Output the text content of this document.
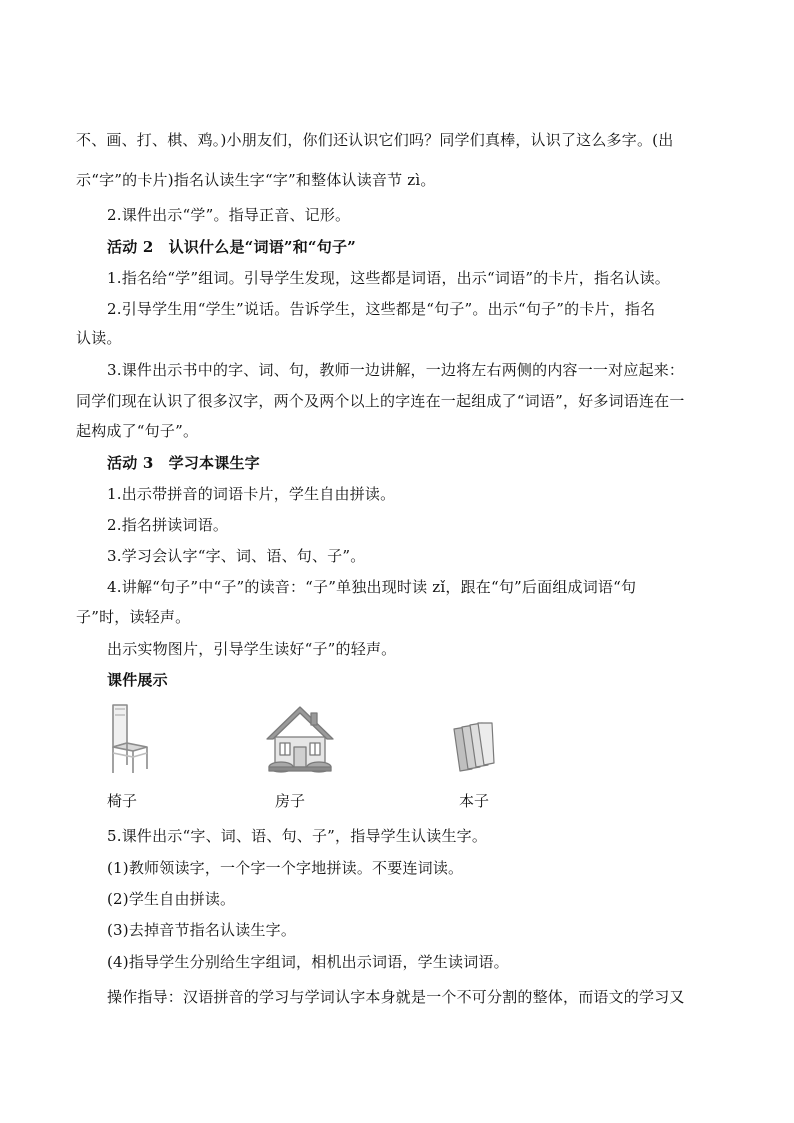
不、画、打、棋、鸡。)小朋友们，你们还认识它们吗？同学们真棒，认识了这么多字。(出
示“字”的卡片)指名认读生字“字”和整体认读音节 zì。
2.课件出示“学”。指导正音、记形。
活动 2　认识什么是“词语”和“句子”
1.指名给“学”组词。引导学生发现，这些都是词语，出示“词语”的卡片，指名认读。
2.引导学生用“学生”说话。告诉学生，这些都是“句子”。出示“句子”的卡片，指名
认读。
3.课件出示书中的字、词、句，教师一边讲解，一边将左右两侧的内容一一对应起来：
同学们现在认识了很多汉字，两个及两个以上的字连在一起组成了“词语”，好多词语连在一
起构成了“句子”。
活动 3　学习本课生字
1.出示带拼音的词语卡片，学生自由拼读。
2.指名拼读词语。
3.学习会认字“字、词、语、句、子”。
4.讲解“句子”中“子”的读音：“子”单独出现时读 zǐ，跟在“句”后面组成词语“句
子”时，读轻声。
出示实物图片，引导学生读好“子”的轻声。
课件展示
椅子	房子	本子
5.课件出示“字、词、语、句、子”，指导学生认读生字。
(1)教师领读字，一个字一个字地拼读。不要连词读。
(2)学生自由拼读。
(3)去掉音节指名认读生字。
(4)指导学生分别给生字组词，相机出示词语，学生读词语。
操作指导：汉语拼音的学习与学词认字本身就是一个不可分割的整体，而语文的学习又
